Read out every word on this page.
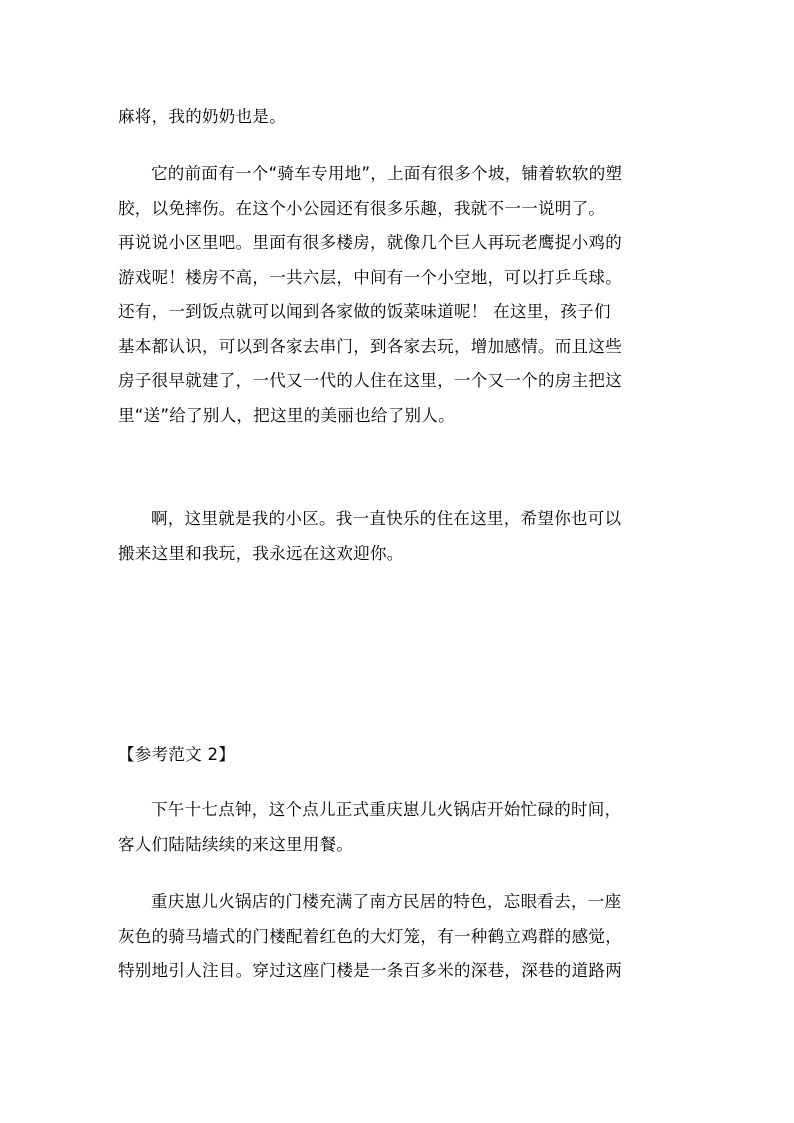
麻将，我的奶奶也是。

它的前面有一个“骑车专用地”，上面有很多个坡，铺着软软的塑
胶，以免摔伤。在这个小公园还有很多乐趣，我就不一一说明了。
再说说小区里吧。里面有很多楼房，就像几个巨人再玩老鹰捉小鸡的
游戏呢！楼房不高，一共六层，中间有一个小空地，可以打乒乓球。
还有，一到饭点就可以闻到各家做的饭菜味道呢！ 在这里，孩子们
基本都认识，可以到各家去串门，到各家去玩，增加感情。而且这些
房子很早就建了，一代又一代的人住在这里，一个又一个的房主把这
里“送”给了别人，把这里的美丽也给了别人。

啊，这里就是我的小区。我一直快乐的住在这里，希望你也可以
搬来这里和我玩，我永远在这欢迎你。

【参考范文 2】

下午十七点钟，这个点儿正式重庆崽儿火锅店开始忙碌的时间，
客人们陆陆续续的来这里用餐。

重庆崽儿火锅店的门楼充满了南方民居的特色，忘眼看去，一座
灰色的骑马墙式的门楼配着红色的大灯笼，有一种鹤立鸡群的感觉，
特别地引人注目。穿过这座门楼是一条百多米的深巷，深巷的道路两
